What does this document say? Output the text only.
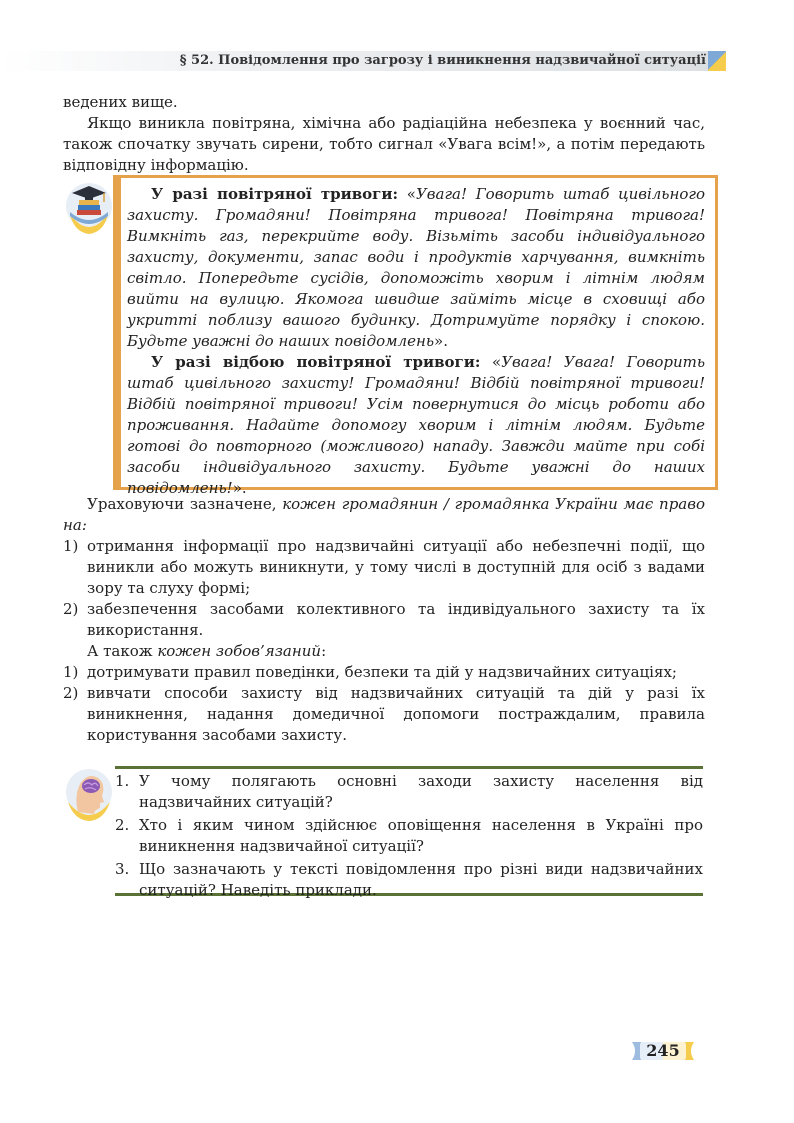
§ 52. Повідомлення про загрозу і виникнення надзвичайної ситуації

ведених вище.

Якщо виникла повітряна, хімічна або радіаційна небезпека у воєнний час, також спочатку звучать сирени, тобто сигнал «Увага всім!», а потім передають відповідну інформацію.

У разі повітряної тривоги: «Увага! Говорить штаб цивільного захисту. Громадяни! Повітряна тривога! Повітряна тривога! Вимкніть газ, перекрийте воду. Візьміть засоби індивідуального захисту, документи, запас води і продуктів харчування, вимкніть світло. Попередьте сусідів, допоможіть хворим і літнім людям вийти на вулицю. Якомога швидше займіть місце в сховищі або укритті поблизу вашого будинку. Дотримуйте порядку і спокою. Будьте уважні до наших повідомлень».

У разі відбою повітряної тривоги: «Увага! Увага! Говорить штаб цивільного захисту! Громадяни! Відбій повітряної тривоги! Відбій повітряної тривоги! Усім повернутися до місць роботи або проживання. Надайте допомогу хворим і літнім людям. Будьте готові до повторного (можливого) нападу. Завжди майте при собі засоби індивідуального захисту. Будьте уважні до наших повідомлень!».

Ураховуючи зазначене, кожен громадянин / громадянка України має право на:

1) отримання інформації про надзвичайні ситуації або небезпечні події, що виникли або можуть виникнути, у тому числі в доступній для осіб з вадами зору та слуху формі;
2) забезпечення засобами колективного та індивідуального захисту та їх використання.

А також кожен зобов’язаний:

1) дотримувати правил поведінки, безпеки та дій у надзвичайних ситуаціях;
2) вивчати способи захисту від надзвичайних ситуацій та дій у разі їх виникнення, надання домедичної допомоги постраждалим, правила користування засобами захисту.
1. У чому полягають основні заходи захисту населення від надзвичайних ситуацій?
2. Хто і яким чином здійснює оповіщення населення в Україні про виникнення надзвичайної ситуації?
3. Що зазначають у тексті повідомлення про різні види надзвичайних ситуацій? Наведіть приклади.
245
